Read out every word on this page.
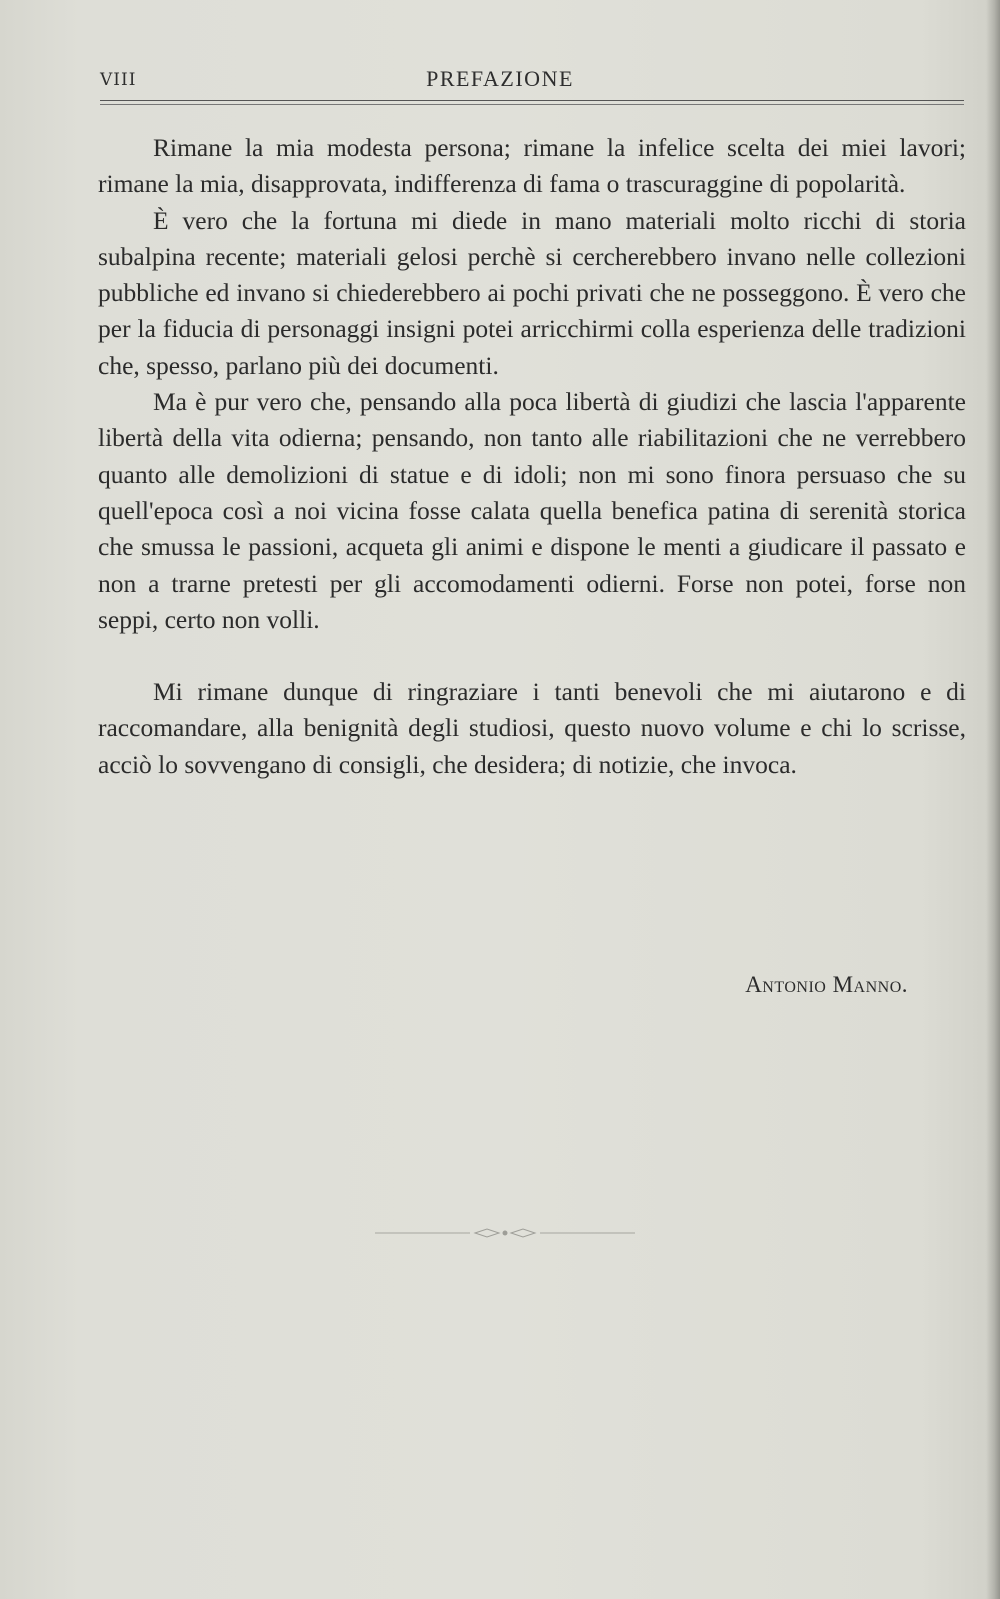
VIII	PREFAZIONE

Rimane la mia modesta persona; rimane la infelice scelta dei miei lavori; rimane la mia, disapprovata, indifferenza di fama o trascuraggine di popolarità.

È vero che la fortuna mi diede in mano materiali molto ricchi di storia subalpina recente; materiali gelosi perchè si cercherebbero invano nelle collezioni pubbliche ed invano si chiederebbero ai pochi privati che ne posseggono. È vero che per la fiducia di personaggi insigni potei arricchirmi colla esperienza delle tradizioni che, spesso, parlano più dei documenti.

Ma è pur vero che, pensando alla poca libertà di giudizi che lascia l'apparente libertà della vita odierna; pensando, non tanto alle riabilitazioni che ne verrebbero quanto alle demolizioni di statue e di idoli; non mi sono finora persuaso che su quell'epoca così a noi vicina fosse calata quella benefica patina di serenità storica che smussa le passioni, acqueta gli animi e dispone le menti a giudicare il passato e non a trarne pretesti per gli accomodamenti odierni. Forse non potei, forse non seppi, certo non volli.

Mi rimane dunque di ringraziare i tanti benevoli che mi aiutarono e di raccomandare, alla benignità degli studiosi, questo nuovo volume e chi lo scrisse, acciò lo sovvengano di consigli, che desidera; di notizie, che invoca.

Antonio Manno.
